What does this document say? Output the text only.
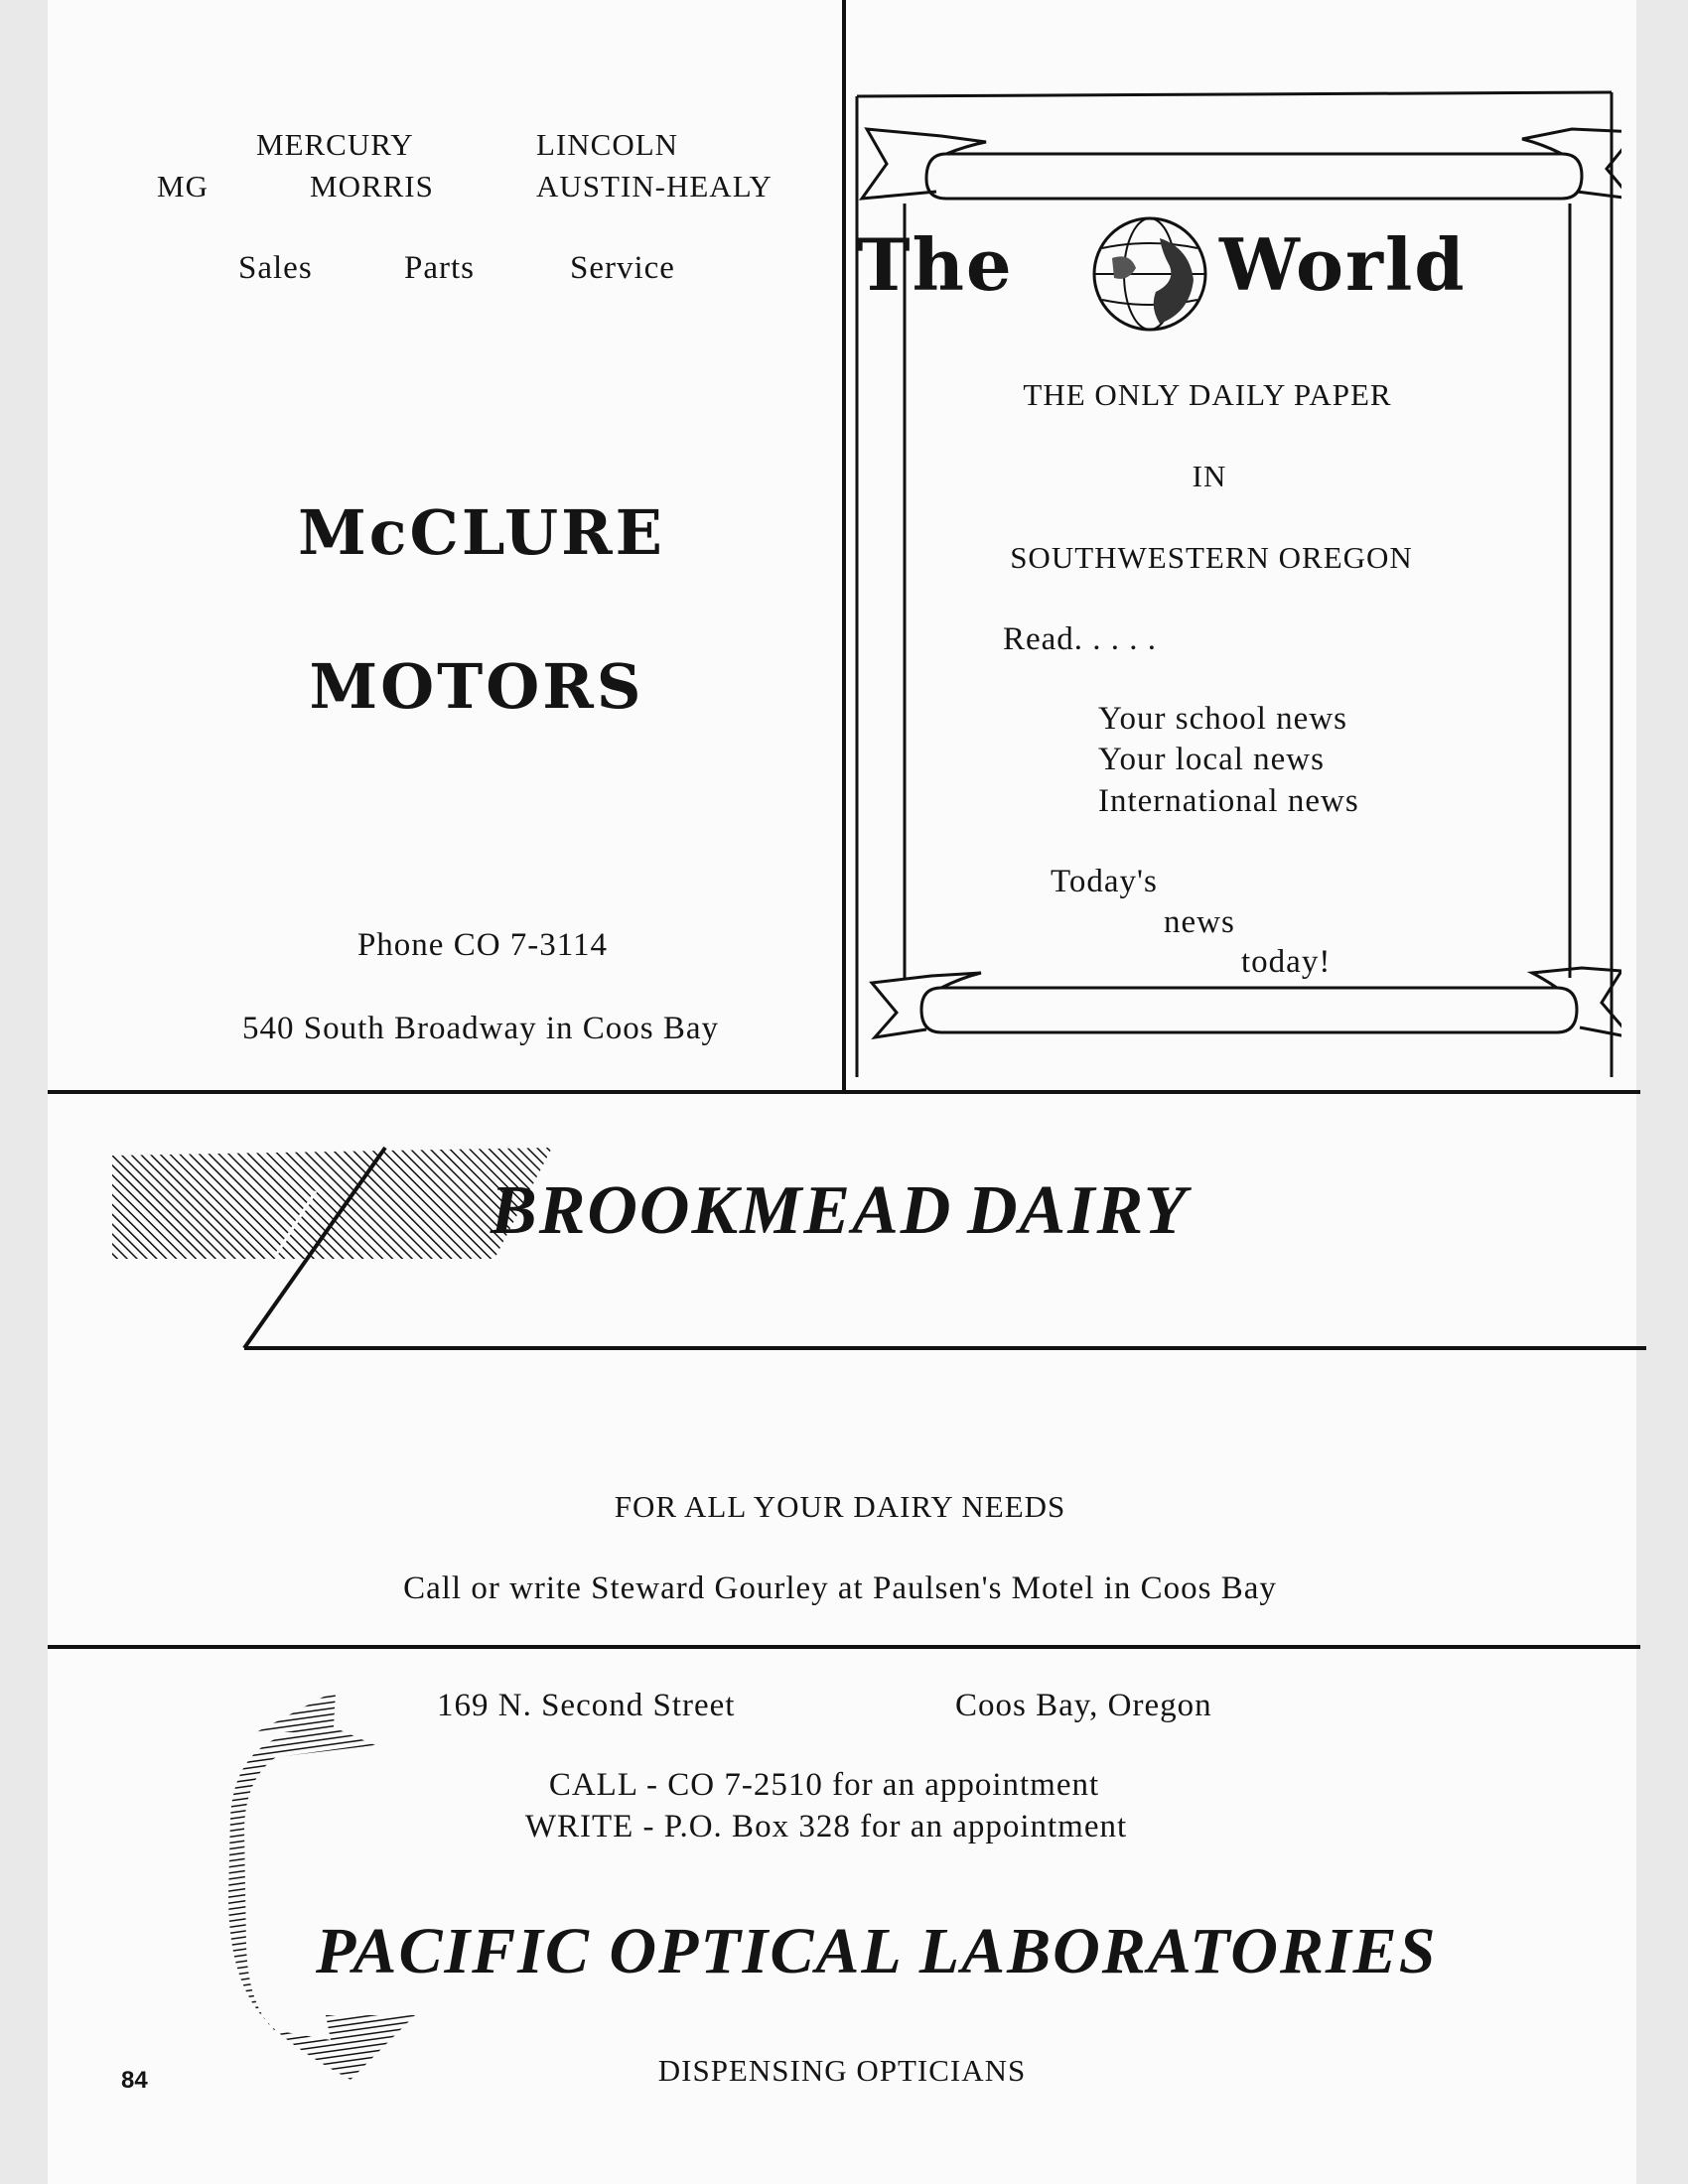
MERCURY	LINCOLN
MG	MORRIS	AUSTIN-HEALY
Sales	Parts	Service
McCLURE
MOTORS
Phone CO 7-3114
540 South Broadway in Coos Bay
The	World
THE ONLY DAILY PAPER
IN
SOUTHWESTERN OREGON
Read. . . . .
Your school news
Your local news
International news
Today's
news
today!
BROOKMEAD DAIRY
FOR ALL YOUR DAIRY NEEDS
Call or write Steward Gourley at Paulsen's Motel in Coos Bay
169 N. Second Street	Coos Bay, Oregon
CALL - CO 7-2510 for an appointment
WRITE - P.O. Box 328 for an appointment
PACIFIC OPTICAL LABORATORIES
DISPENSING OPTICIANS
84
